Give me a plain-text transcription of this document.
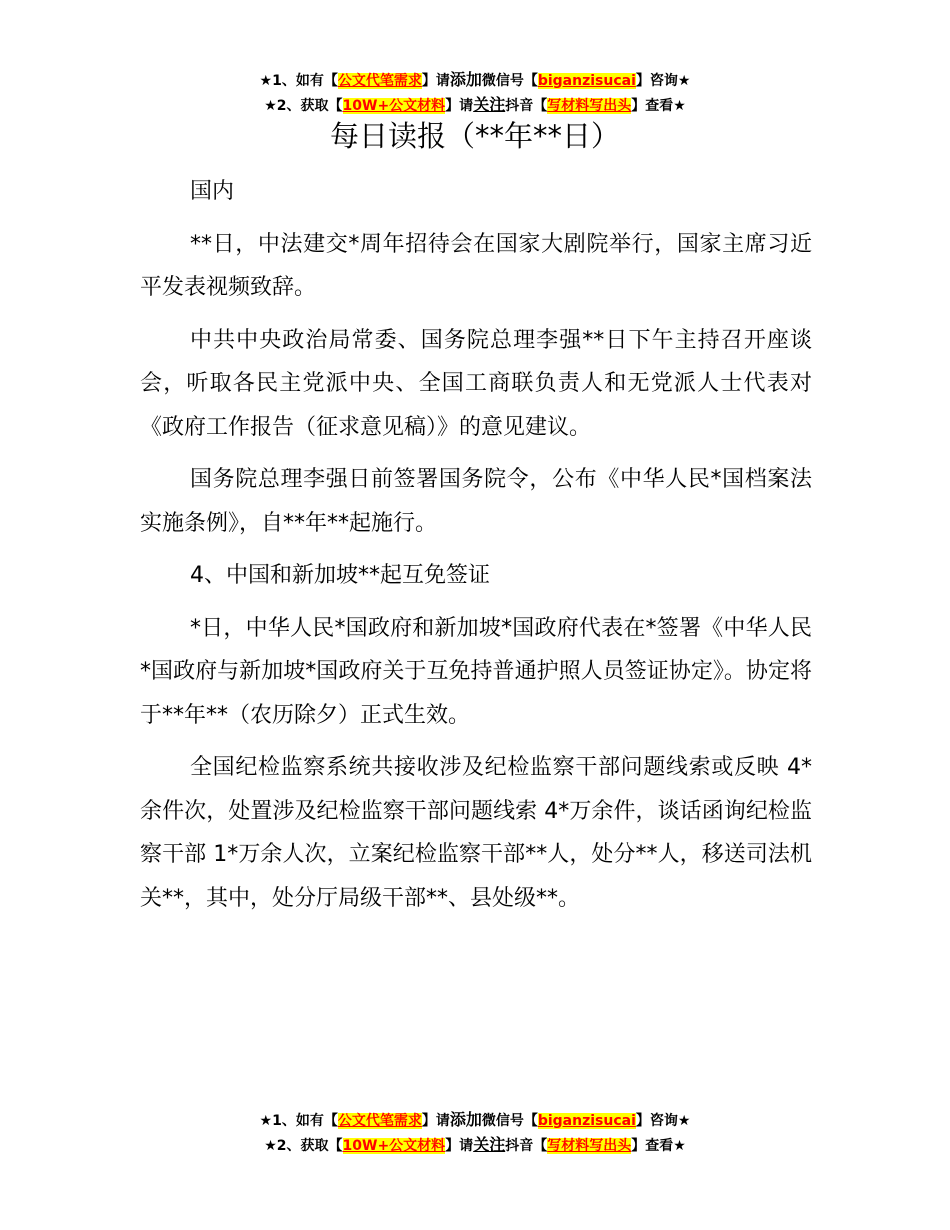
★1、如有【公文代笔需求】请添加微信号【biganzisucai】咨询★
★2、获取【10W+公文材料】请关注抖音【写材料写出头】查看★
每日读报（**年**日）

国内

**日，中法建交*周年招待会在国家大剧院举行，国家主席习近平发表视频致辞。

中共中央政治局常委、国务院总理李强**日下午主持召开座谈会，听取各民主党派中央、全国工商联负责人和无党派人士代表对《政府工作报告（征求意见稿）》的意见建议。

国务院总理李强日前签署国务院令，公布《中华人民*国档案法实施条例》，自**年**起施行。

4、中国和新加坡**起互免签证

*日，中华人民*国政府和新加坡*国政府代表在*签署《中华人民*国政府与新加坡*国政府关于互免持普通护照人员签证协定》。协定将于**年**（农历除夕）正式生效。

全国纪检监察系统共接收涉及纪检监察干部问题线索或反映 4*余件次，处置涉及纪检监察干部问题线索 4*万余件，谈话函询纪检监察干部 1*万余人次，立案纪检监察干部**人，处分**人，移送司法机关**，其中，处分厅局级干部**、县处级**。

★1、如有【公文代笔需求】请添加微信号【biganzisucai】咨询★
★2、获取【10W+公文材料】请关注抖音【写材料写出头】查看★
